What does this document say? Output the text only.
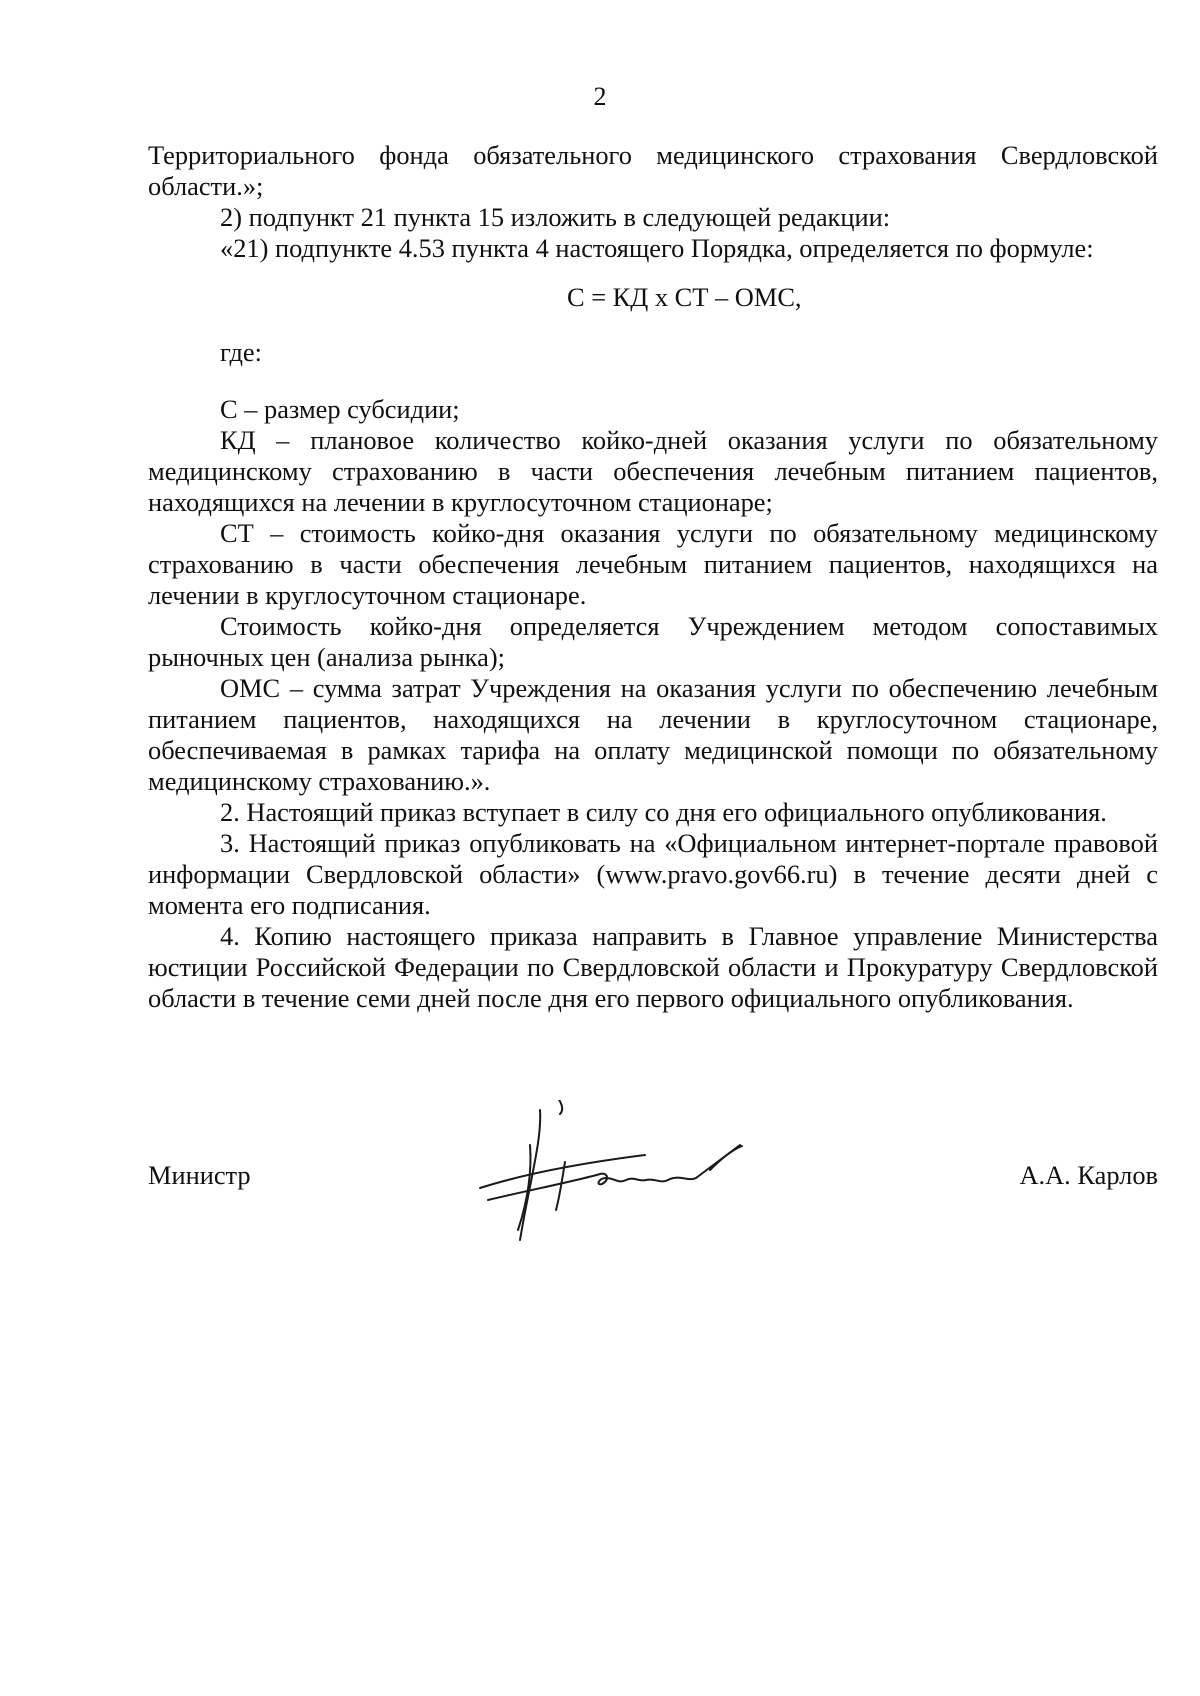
2

Территориального фонда обязательного медицинского страхования Свердловской области.»;

2) подпункт 21 пункта 15 изложить в следующей редакции:

«21) подпункте 4.53 пункта 4 настоящего Порядка, определяется по формуле:

С = КД х СТ – ОМС,

где:

С – размер субсидии;

КД – плановое количество койко-дней оказания услуги по обязательному медицинскому страхованию в части обеспечения лечебным питанием пациентов, находящихся на лечении в круглосуточном стационаре;

СТ – стоимость койко-дня оказания услуги по обязательному медицинскому страхованию в части обеспечения лечебным питанием пациентов, находящихся на лечении в круглосуточном стационаре.

Стоимость койко-дня определяется Учреждением методом сопоставимых рыночных цен (анализа рынка);

ОМС – сумма затрат Учреждения на оказания услуги по обеспечению лечебным питанием пациентов, находящихся на лечении в круглосуточном стационаре, обеспечиваемая в рамках тарифа на оплату медицинской помощи по обязательному медицинскому страхованию.».

2. Настоящий приказ вступает в силу со дня его официального опубликования.

3. Настоящий приказ опубликовать на «Официальном интернет-портале правовой информации Свердловской области» (www.pravo.gov66.ru) в течение десяти дней с момента его подписания.

4. Копию настоящего приказа направить в Главное управление Министерства юстиции Российской Федерации по Свердловской области и Прокуратуру Свердловской области в течение семи дней после дня его первого официального опубликования.

Министр	А.А. Карлов
